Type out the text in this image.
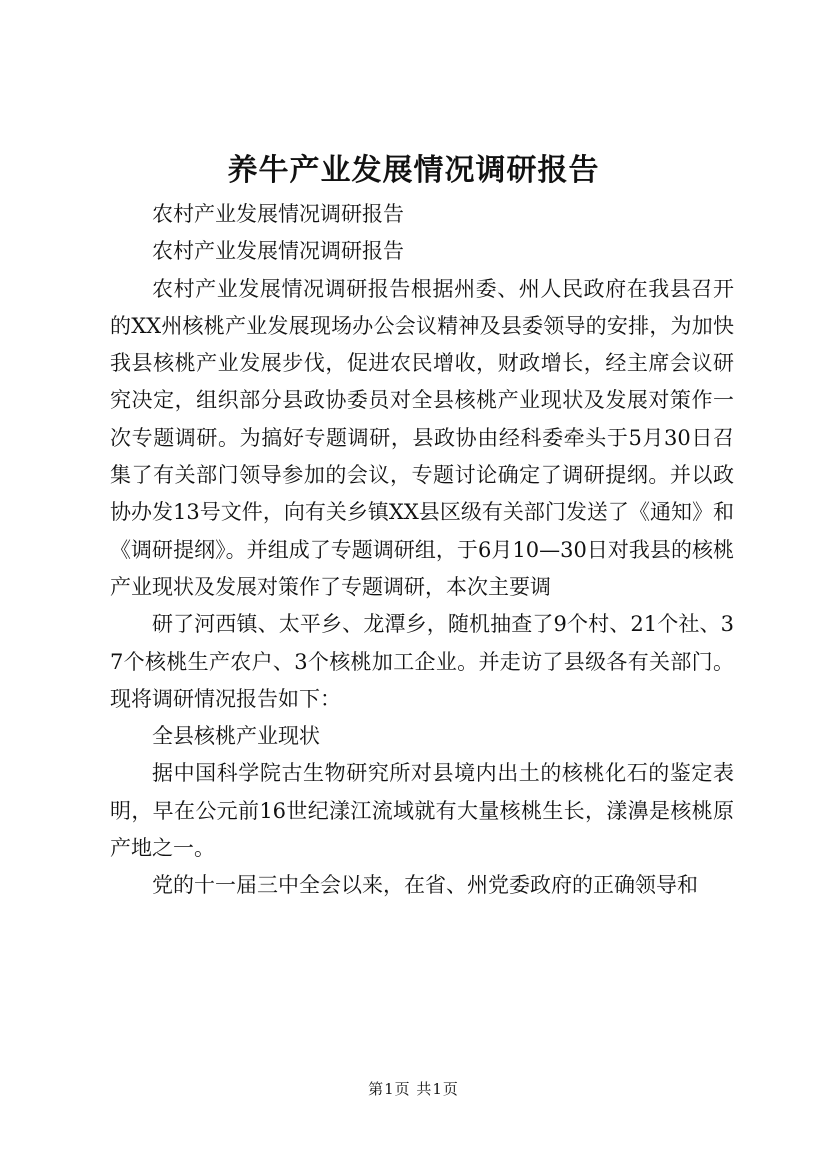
养牛产业发展情况调研报告

农村产业发展情况调研报告

农村产业发展情况调研报告

农村产业发展情况调研报告根据州委、州人民政府在我县召开的XX州核桃产业发展现场办公会议精神及县委领导的安排，为加快我县核桃产业发展步伐，促进农民增收，财政增长，经主席会议研究决定，组织部分县政协委员对全县核桃产业现状及发展对策作一次专题调研。为搞好专题调研，县政协由经科委牵头于5月30日召集了有关部门领导参加的会议，专题讨论确定了调研提纲。并以政协办发13号文件，向有关乡镇XX县区级有关部门发送了《通知》和《调研提纲》。并组成了专题调研组，于6月10—30日对我县的核桃产业现状及发展对策作了专题调研，本次主要调

研了河西镇、太平乡、龙潭乡，随机抽查了9个村、21个社、37个核桃生产农户、3个核桃加工企业。并走访了县级各有关部门。现将调研情况报告如下：

全县核桃产业现状

据中国科学院古生物研究所对县境内出土的核桃化石的鉴定表明，早在公元前16世纪漾江流域就有大量核桃生长，漾濞是核桃原产地之一。

党的十一届三中全会以来，在省、州党委政府的正确领导和

第1页 共1页
